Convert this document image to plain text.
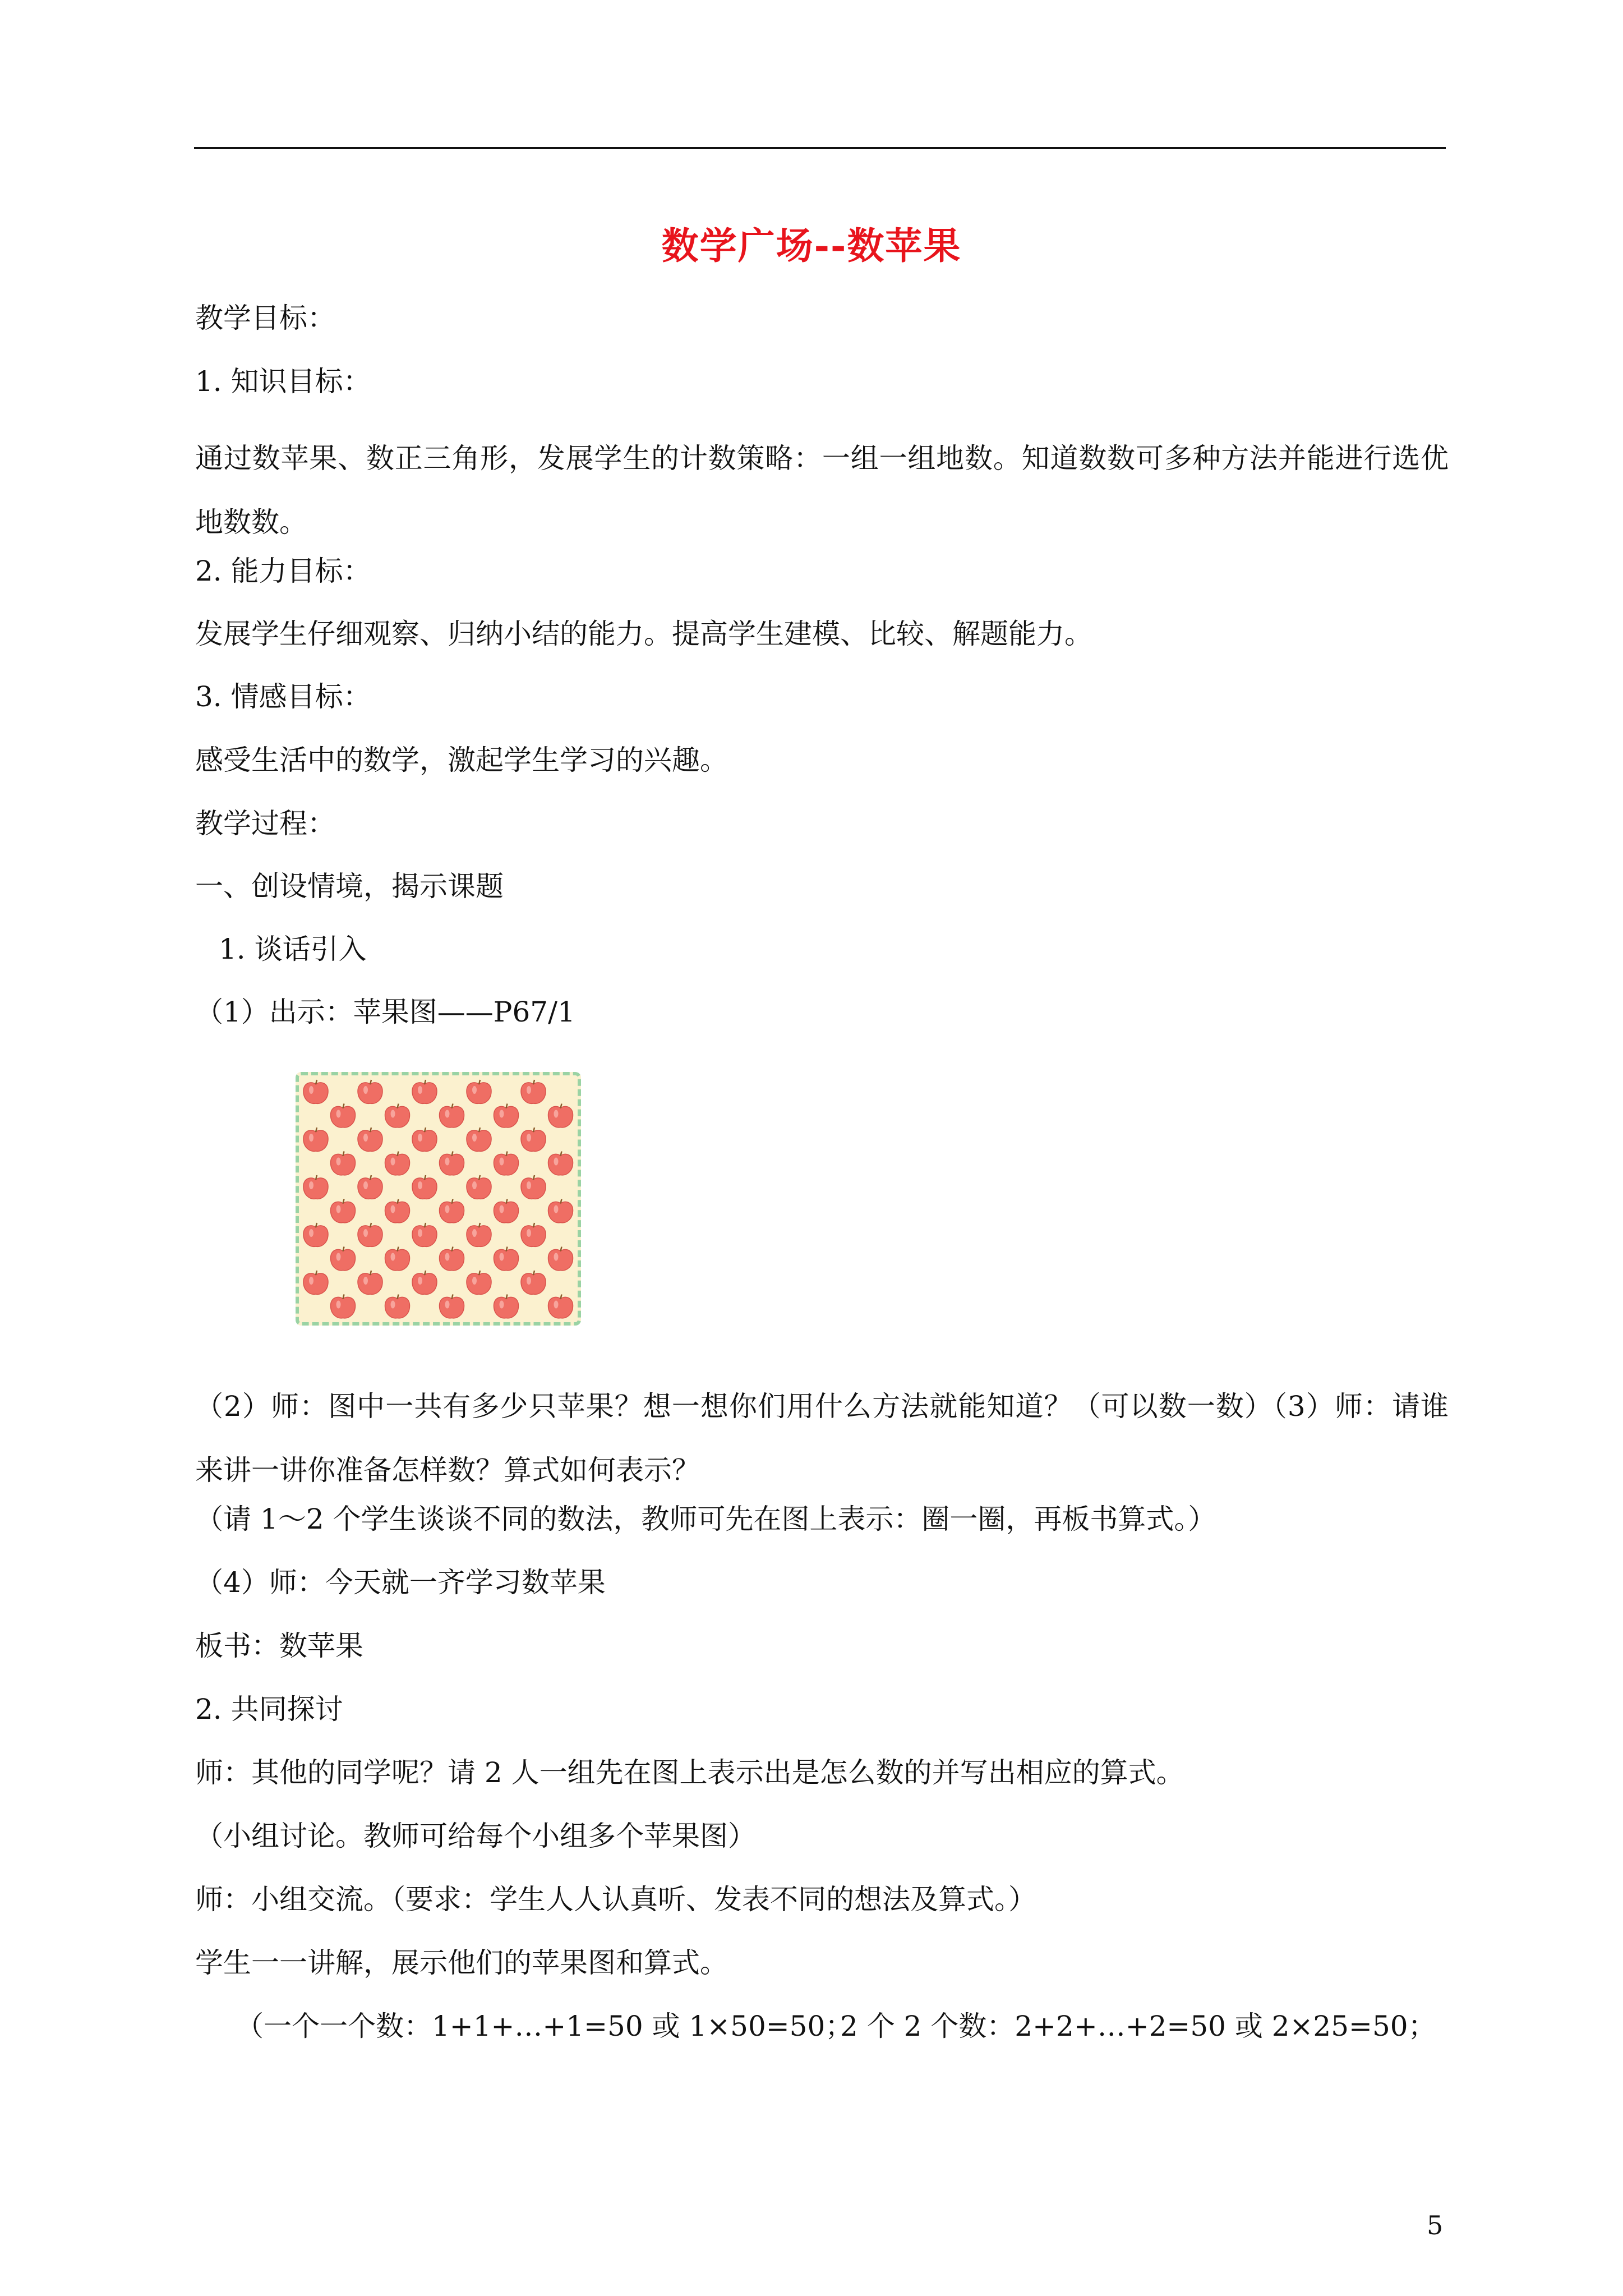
数学广场--数苹果
教学目标：
1. 知识目标：
通过数苹果、数正三角形，发展学生的计数策略：一组一组地数。知道数数可多种方法并能进行选优地数数。
2. 能力目标：
发展学生仔细观察、归纳小结的能力。提高学生建模、比较、解题能力。
3. 情感目标：
感受生活中的数学，激起学生学习的兴趣。
教学过程：
一、创设情境，揭示课题
1. 谈话引入
（1）出示：苹果图——P67/1
（2）师：图中一共有多少只苹果？想一想你们用什么方法就能知道？（可以数一数）（3）师：请谁来讲一讲你准备怎样数？算式如何表示？
（请 1～2 个学生谈谈不同的数法，教师可先在图上表示：圈一圈，再板书算式。）
（4）师：今天就一齐学习数苹果
板书：数苹果
2. 共同探讨
师：其他的同学呢？请 2 人一组先在图上表示出是怎么数的并写出相应的算式。
（小组讨论。教师可给每个小组多个苹果图）
师：小组交流。（要求：学生人人认真听、发表不同的想法及算式。）
学生一一讲解，展示他们的苹果图和算式。
（一个一个数：1+1+…+1=50 或 1×50=50；
2 个 2 个数：2+2+…+2=50 或 2×25=50；
5
